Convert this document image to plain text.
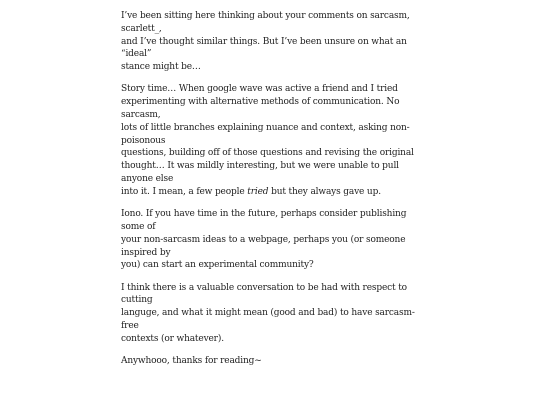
I’ve been sitting here thinking about your comments on sarcasm, scarlett_,
and I’ve thought similar things. But I’ve been unsure on what an “ideal”
stance might be…

Story time… When google wave was active a friend and I tried
experimenting with alternative methods of communication. No sarcasm,
lots of little branches explaining nuance and context, asking non-poisonous
questions, building off of those questions and revising the original
thought… It was mildly interesting, but we were unable to pull anyone else
into it. I mean, a few people tried but they always gave up.

Iono. If you have time in the future, perhaps consider publishing some of
your non-sarcasm ideas to a webpage, perhaps you (or someone inspired by
you) can start an experimental community?

I think there is a valuable conversation to be had with respect to cutting
languge, and what it might mean (good and bad) to have sarcasm-free
contexts (or whatever).

Anywhooo, thanks for reading~
